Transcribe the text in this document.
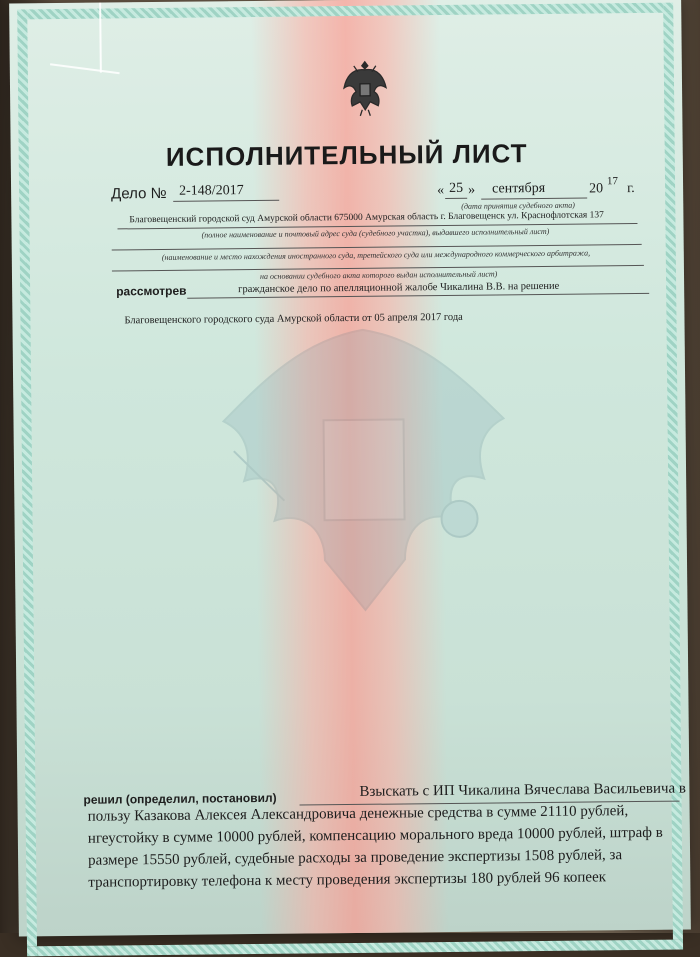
ИСПОЛНИТЕЛЬНЫЙ ЛИСТ
Дело № 2-148/2017	« 25 » сентября	20
17 г.
(дата принятия судебного акта)
Благовещенский городской суд Амурской области 675000 Амурская область г. Благовещенск ул. Краснофлотская 137
(полное наименование и почтовый адрес суда (судебного участка), выдавшего исполнительный лист)
(наименование и место нахождения иностранного суда, третейского суда или международного коммерческого арбитража,
на основании судебного акта которого выдан исполнительный лист)
рассмотрев	гражданское дело по апелляционной жалобе Чикалина В.В. на решение
Благовещенского городского суда Амурской области от 05 апреля 2017 года
решил (определил, постановил)	Взыскать с ИП Чикалина Вячеслава Васильевича в
пользу Казакова Алексея Александровича денежные средства в сумме 21110 рублей,
нгеустойку в сумме 10000 рублей, компенсацию морального вреда 10000 рублей, штраф в
размере 15550 рублей, судебные расходы за проведение экспертизы 1508 рублей, за
транспортировку телефона к месту проведения экспертизы 180 рублей 96 копеек
